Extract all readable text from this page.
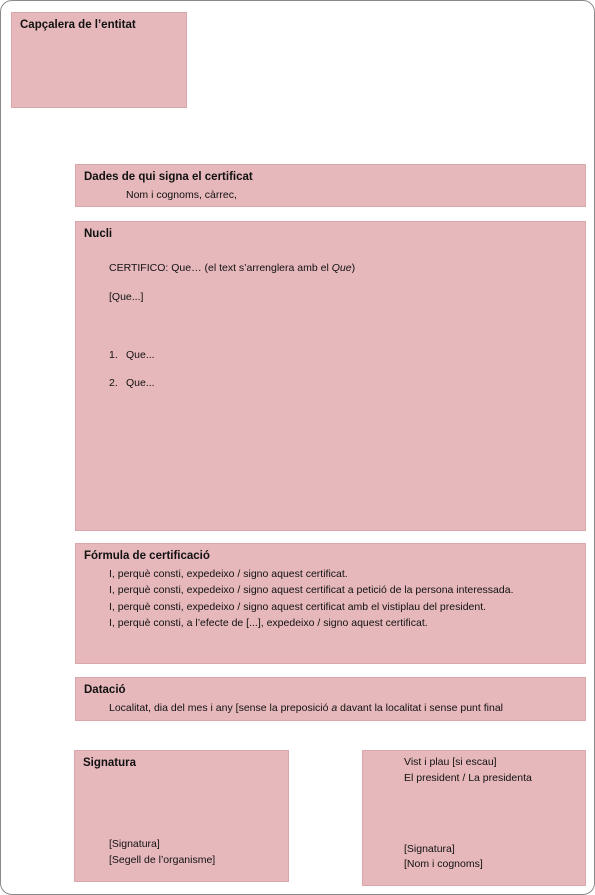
Capçalera de l’entitat
Dades de qui signa el certificat
Nom i cognoms, càrrec,
Nucli
CERTIFICO: Que… (el text s’arrenglera amb el Que)
[Que...]
1. Que...
2. Que...
Fórmula de certificació
I, perquè consti, expedeixo / signo aquest certificat.
I, perquè consti, expedeixo / signo aquest certificat a petició de la persona interessada.
I, perquè consti, expedeixo / signo aquest certificat amb el vistiplau del president.
I, perquè consti, a l’efecte de [...], expedeixo / signo aquest certificat.
Datació
Localitat, dia del mes i any [sense la preposició a davant la localitat i sense punt final
Signatura
[Signatura]
[Segell de l’organisme]
Vist i plau [si escau]
El president / La presidenta
[Signatura]
[Nom i cognoms]
